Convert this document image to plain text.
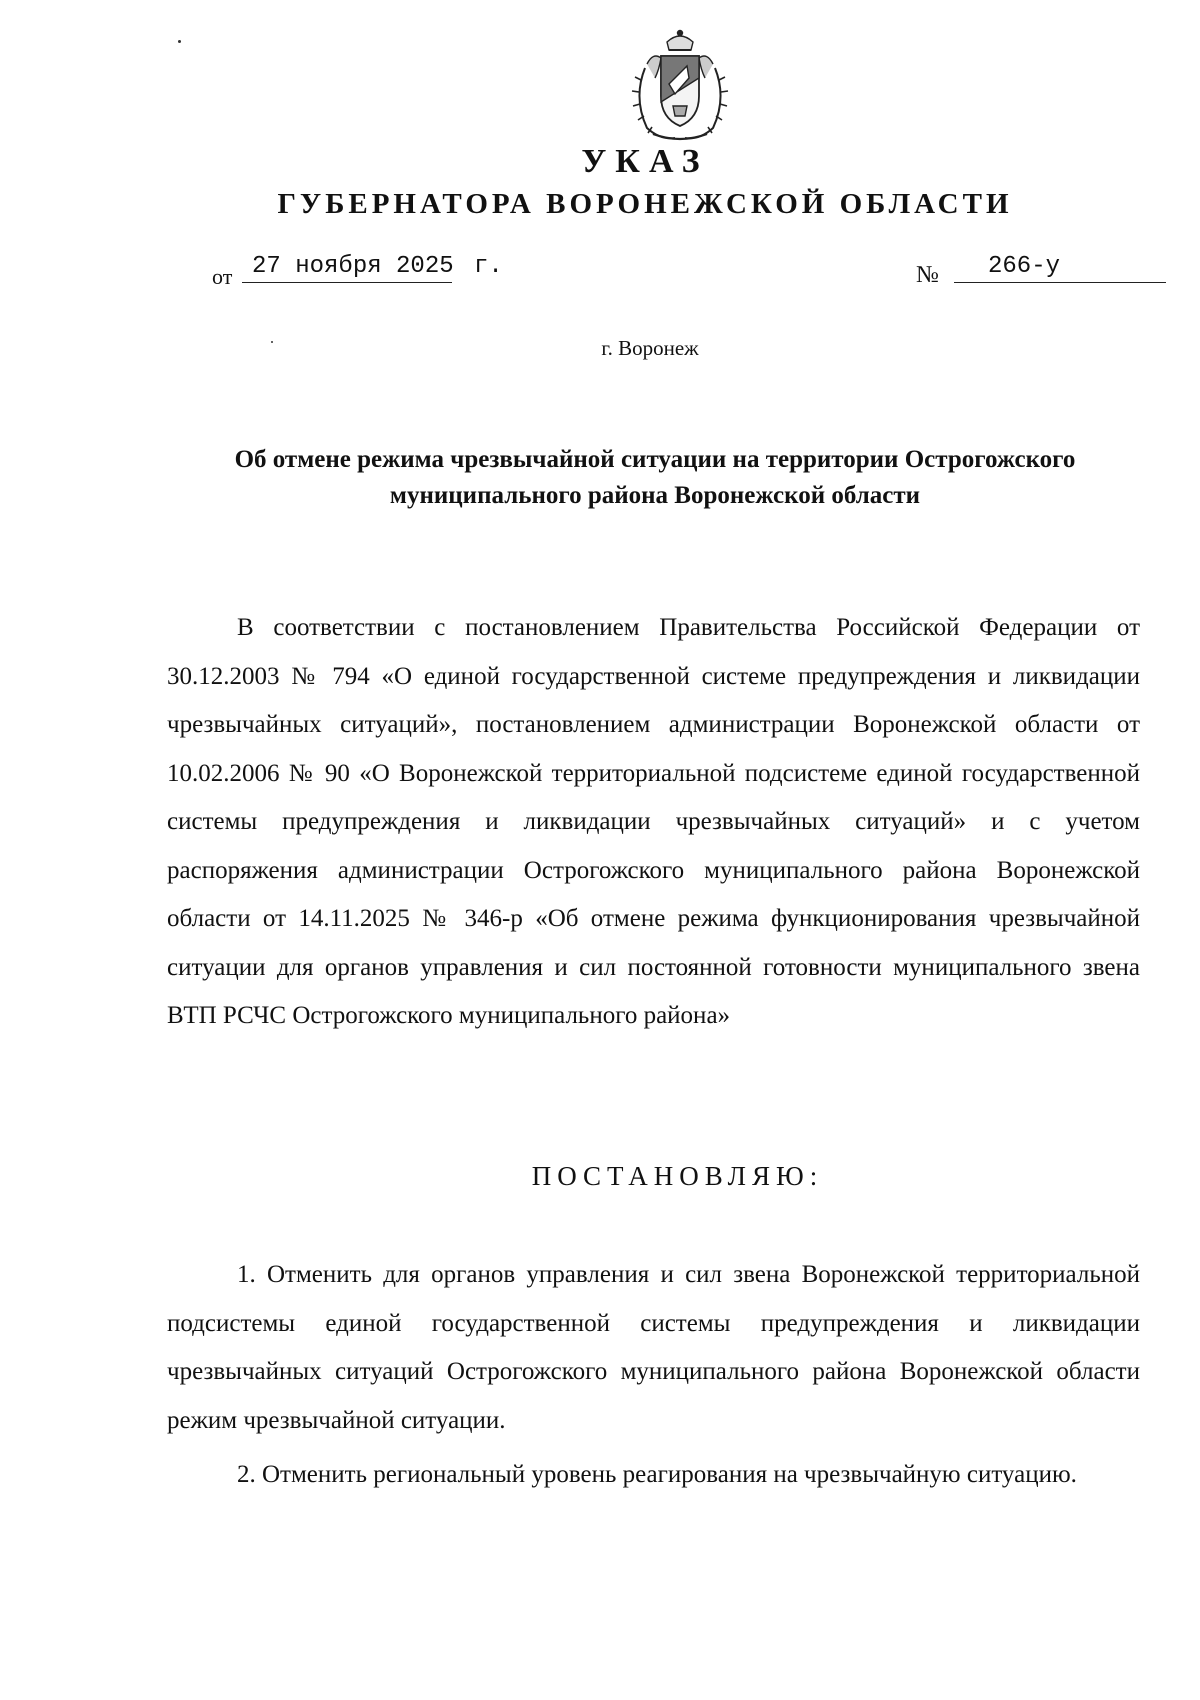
УКАЗ
ГУБЕРНАТОРА ВОРОНЕЖСКОЙ ОБЛАСТИ
от 27 ноября 2025 г.	№	266-у
г. Воронеж
Об отмене режима чрезвычайной ситуации на территории Острогожского муниципального района Воронежской области
В соответствии с постановлением Правительства Российской Федерации от 30.12.2003 № 794 «О единой государственной системе предупреждения и ликвидации чрезвычайных ситуаций», постановлением администрации Воронежской области от 10.02.2006 № 90 «О Воронежской территориальной подсистеме единой государственной системы предупреждения и ликвидации чрезвычайных ситуаций» и с учетом распоряжения администрации Острогожского муниципального района Воронежской области от 14.11.2025 № 346-р «Об отмене режима функционирования чрезвычайной ситуации для органов управления и сил постоянной готовности муниципального звена ВТП РСЧС Острогожского муниципального района»
ПОСТАНОВЛЯЮ:
1. Отменить для органов управления и сил звена Воронежской территориальной подсистемы единой государственной системы предупреждения и ликвидации чрезвычайных ситуаций Острогожского муниципального района Воронежской области режим чрезвычайной ситуации.
2. Отменить региональный уровень реагирования на чрезвычайную ситуацию.
